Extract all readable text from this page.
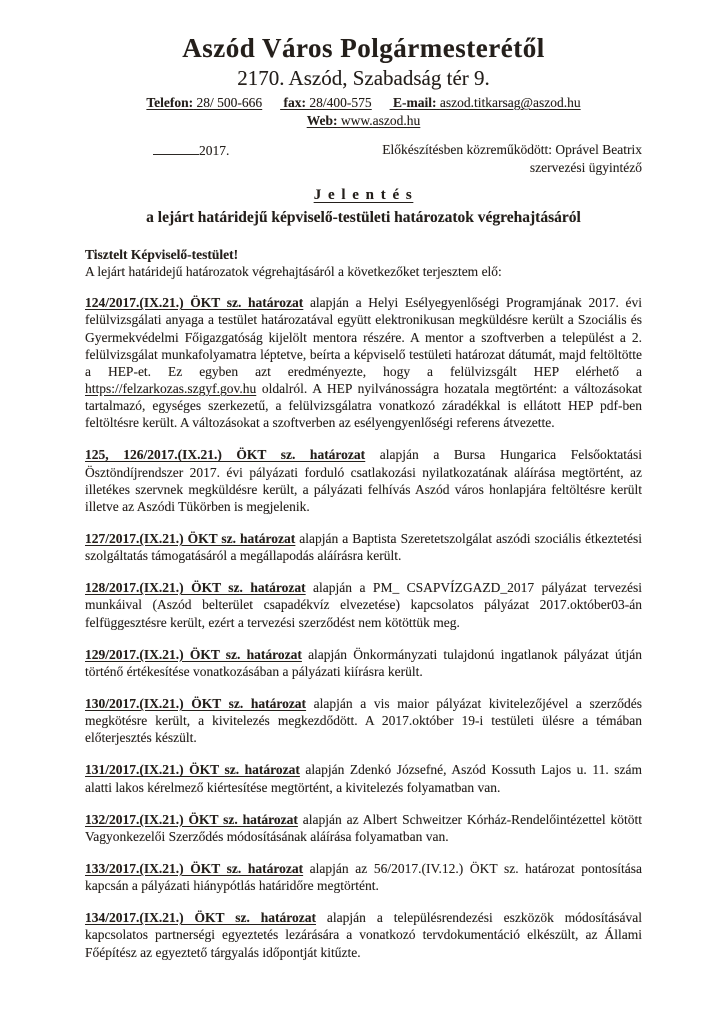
Aszód Város Polgármesterétől
2170. Aszód, Szabadság tér 9.
Telefon: 28/ 500-666 fax: 28/400-575 E-mail: aszod.titkarsag@aszod.hu
Web: www.aszod.hu
2017.	Előkészítésben közreműködött: Oprável Beatrix
szervezési ügyintéző
J e l e n t é s
a lejárt határidejű képviselő-testületi határozatok végrehajtásáról

Tisztelt Képviselő-testület!

A lejárt határidejű határozatok végrehajtásáról a következőket terjesztem elő:

124/2017.(IX.21.) ÖKT sz. határozat alapján a Helyi Esélyegyenlőségi Programjának 2017. évi felülvizsgálati anyaga a testület határozatával együtt elektronikusan megküldésre került a Szociális és Gyermekvédelmi Főigazgatóság kijelölt mentora részére. A mentor a szoftverben a települést a 2. felülvizsgálat munkafolyamatra léptetve, beírta a képviselő testületi határozat dátumát, majd feltöltötte a HEP-et. Ez egyben azt eredményezte, hogy a felülvizsgált HEP elérhető a https://felzarkozas.szgyf.gov.hu oldalról. A HEP nyilvánosságra hozatala megtörtént: a változásokat tartalmazó, egységes szerkezetű, a felülvizsgálatra vonatkozó záradékkal is ellátott HEP pdf-ben feltöltésre került. A változásokat a szoftverben az esélyengyenlőségi referens átvezette.

125, 126/2017.(IX.21.) ÖKT sz. határozat alapján a Bursa Hungarica Felsőoktatási Ösztöndíjrendszer 2017. évi pályázati forduló csatlakozási nyilatkozatának aláírása megtörtént, az illetékes szervnek megküldésre került, a pályázati felhívás Aszód város honlapjára feltöltésre került illetve az Aszódi Tükörben is megjelenik.

127/2017.(IX.21.) ÖKT sz. határozat alapján a Baptista Szeretetszolgálat aszódi szociális étkeztetési szolgáltatás támogatásáról a megállapodás aláírásra került.

128/2017.(IX.21.) ÖKT sz. határozat alapján a PM_ CSAPVÍZGAZD_2017 pályázat tervezési munkáival (Aszód belterület csapadékvíz elvezetése) kapcsolatos pályázat 2017.október03-án felfüggesztésre került, ezért a tervezési szerződést nem kötöttük meg.

129/2017.(IX.21.) ÖKT sz. határozat alapján Önkormányzati tulajdonú ingatlanok pályázat útján történő értékesítése vonatkozásában a pályázati kiírásra került.

130/2017.(IX.21.) ÖKT sz. határozat alapján a vis maior pályázat kivitelezőjével a szerződés megkötésre került, a kivitelezés megkezdődött. A 2017.október 19-i testületi ülésre a témában előterjesztés készült.

131/2017.(IX.21.) ÖKT sz. határozat alapján Zdenkó Józsefné, Aszód Kossuth Lajos u. 11. szám alatti lakos kérelmező kiértesítése megtörtént, a kivitelezés folyamatban van.

132/2017.(IX.21.) ÖKT sz. határozat alapján az Albert Schweitzer Kórház-Rendelőintézettel kötött Vagyonkezelői Szerződés módosításának aláírása folyamatban van.

133/2017.(IX.21.) ÖKT sz. határozat alapján az 56/2017.(IV.12.) ÖKT sz. határozat pontosítása kapcsán a pályázati hiánypótlás határidőre megtörtént.

134/2017.(IX.21.) ÖKT sz. határozat alapján a településrendezési eszközök módosításával kapcsolatos partnerségi egyeztetés lezárására a vonatkozó tervdokumentáció elkészült, az Állami Főépítész az egyeztető tárgyalás időpontját kitűzte.
